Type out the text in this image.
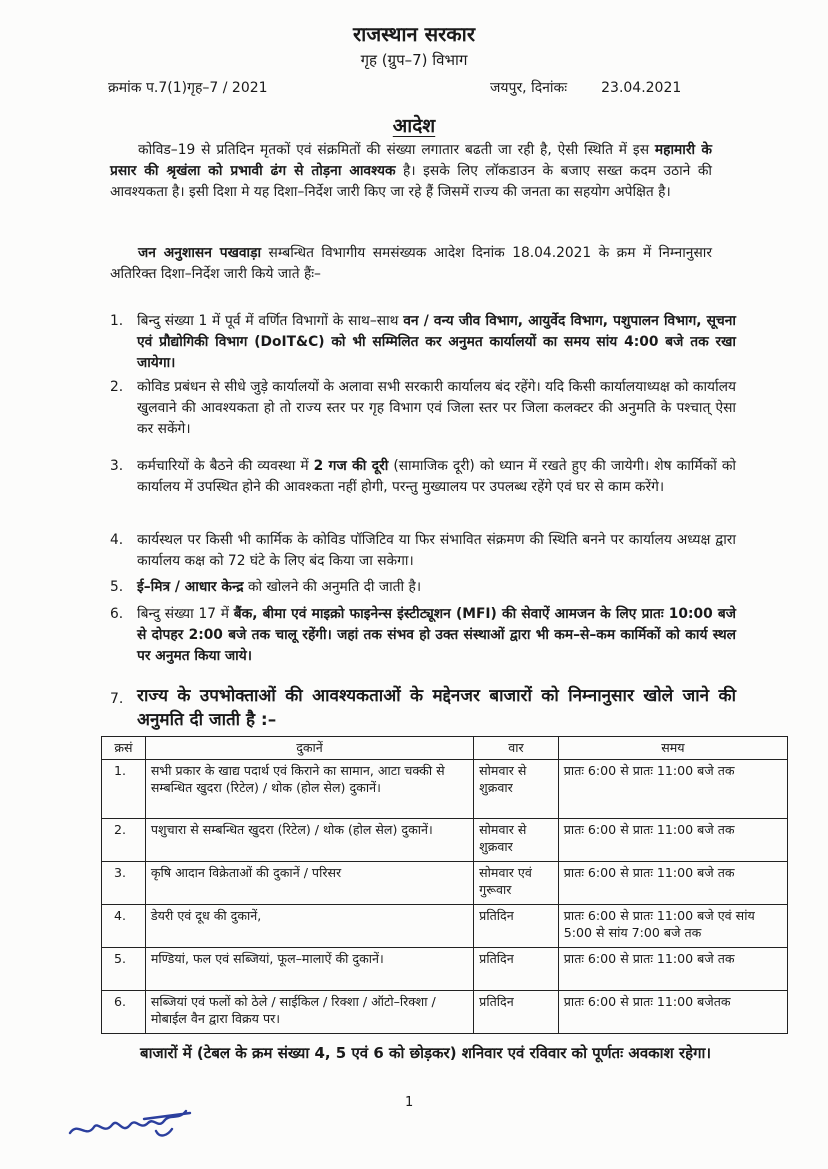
राजस्थान सरकार
गृह (ग्रुप–7) विभाग
क्रमांक प.7(1)गृह–7 / 2021	जयपुर, दिनांकः 23.04.2021
आदेश
कोविड–19 से प्रतिदिन मृतकों एवं संक्रमितों की संख्या लगातार बढती जा रही है, ऐसी स्थिति में इस महामारी के प्रसार की श्रृखंला को प्रभावी ढंग से तोड़ना आवश्यक है। इसके लिए लॉकडाउन के बजाए सख्त कदम उठाने की आवश्यकता है। इसी दिशा मे यह दिशा–निर्देश जारी किए जा रहे हैं जिसमें राज्य की जनता का सहयोग अपेक्षित है।
जन अनुशासन पखवाड़ा सम्बन्धित विभागीय समसंख्यक आदेश दिनांक 18.04.2021 के क्रम में निम्नानुसार अतिरिक्त दिशा–निर्देश जारी किये जाते हैंः–
1.	बिन्दु संख्या 1 में पूर्व में वर्णित विभागों के साथ–साथ वन / वन्य जीव विभाग, आयुर्वेद विभाग, पशुपालन विभाग, सूचना एवं प्रौद्योगिकी विभाग (DoIT&C) को भी सम्मिलित कर अनुमत कार्यालयों का समय सांय 4:00 बजे तक रखा जायेगा।
2.	कोविड प्रबंधन से सीधे जुड़े कार्यालयों के अलावा सभी सरकारी कार्यालय बंद रहेंगे। यदि किसी कार्यालयाध्यक्ष को कार्यालय खुलवाने की आवश्यकता हो तो राज्य स्तर पर गृह विभाग एवं जिला स्तर पर जिला कलक्टर की अनुमति के पश्चात् ऐसा कर सकेंगे।
3.	कर्मचारियों के बैठने की व्यवस्था में 2 गज की दूरी (सामाजिक दूरी) को ध्यान में रखते हुए की जायेगी। शेष कार्मिकों को कार्यालय में उपस्थित होने की आवश्कता नहीं होगी, परन्तु मुख्यालय पर उपलब्ध रहेंगे एवं घर से काम करेंगे।
4.	कार्यस्थल पर किसी भी कार्मिक के कोविड पॉजिटिव या फिर संभावित संक्रमण की स्थिति बनने पर कार्यालय अध्यक्ष द्वारा कार्यालय कक्ष को 72 घंटे के लिए बंद किया जा सकेगा।
5.	ई–मित्र / आधार केन्द्र को खोलने की अनुमति दी जाती है।
6.	बिन्दु संख्या 17 में बैंक, बीमा एवं माइक्रो फाइनेन्स इंस्टीट्यूशन (MFI) की सेवाऐं आमजन के लिए प्रातः 10:00 बजे से दोपहर 2:00 बजे तक चालू रहेंगी। जहां तक संभव हो उक्त संस्थाओं द्वारा भी कम–से–कम कार्मिकों को कार्य स्थल पर अनुमत किया जाये।
7. राज्य के उपभोक्ताओं की आवश्यकताओं के मद्देनजर बाजारों को निम्नानुसार खोले जाने की अनुमति दी जाती है :–
क्रसं	दुकानें	वार	समय
1.	सभी प्रकार के खाद्य पदार्थ एवं किराने का सामान, आटा चक्की से सम्बन्धित खुदरा (रिटेल) / थोक (होल सेल) दुकानें।	सोमवार से शुक्रवार	प्रातः 6:00 से प्रातः 11:00 बजे तक
2.	पशुचारा से सम्बन्धित खुदरा (रिटेल) / थोक (होल सेल) दुकानें।	सोमवार से शुक्रवार	प्रातः 6:00 से प्रातः 11:00 बजे तक
3.	कृषि आदान विक्रेताओं की दुकानें / परिसर	सोमवार एवं गुरूवार	प्रातः 6:00 से प्रातः 11:00 बजे तक
4.	डेयरी एवं दूध की दुकानें,	प्रतिदिन	प्रातः 6:00 से प्रातः 11:00 बजे एवं सांय 5:00 से सांय 7:00 बजे तक
5.	मण्डियां, फल एवं सब्जियां, फूल–मालाऐं की दुकानें।	प्रतिदिन	प्रातः 6:00 से प्रातः 11:00 बजे तक
6.	सब्जियां एवं फलों को ठेले / साईकिल / रिक्शा / ऑटो–रिक्शा / मोबाईल वैन द्वारा विक्रय पर।	प्रतिदिन	प्रातः 6:00 से प्रातः 11:00 बजेतक
बाजारों में (टेबल के क्रम संख्या 4, 5 एवं 6 को छोड़कर) शनिवार एवं रविवार को पूर्णतः अवकाश रहेगा।
1
